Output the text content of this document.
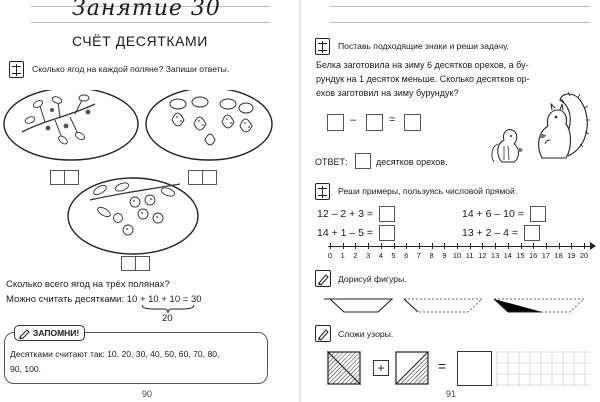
Занятие 30
СЧЁТ ДЕСЯТКАМИ
Сколько ягод на каждой поляне? Запиши ответы.
Сколько всего ягод на трёх полянах?
Можно считать десятками: 10 + 10 + 10 = 30
20
ЗАПОМНИ!
Десятками считают так: 10, 20, 30, 40, 50, 60, 70, 80,
90, 100.
90
Поставь подходящие знаки и реши задачу.
Белка заготовила на зиму 6 десятков орехов, а бу-
рундук на 1 десяток меньше. Сколько десятков ор-
ехов заготовил на зиму бурундук?
–	=
ОТВЕТ:	десятков орехов.
Реши примеры, пользуясь числовой прямой.
12 – 2 + 3 =	14 + 6 – 10 =
14 + 1 – 5 =	13 + 2 – 4 =
0	1	2	3	4	5	6	7	8	9 10 11 12 13 14 15 16 17 18 19 20
Дорисуй фигуры.
Сложи узоры.
+	=
91
